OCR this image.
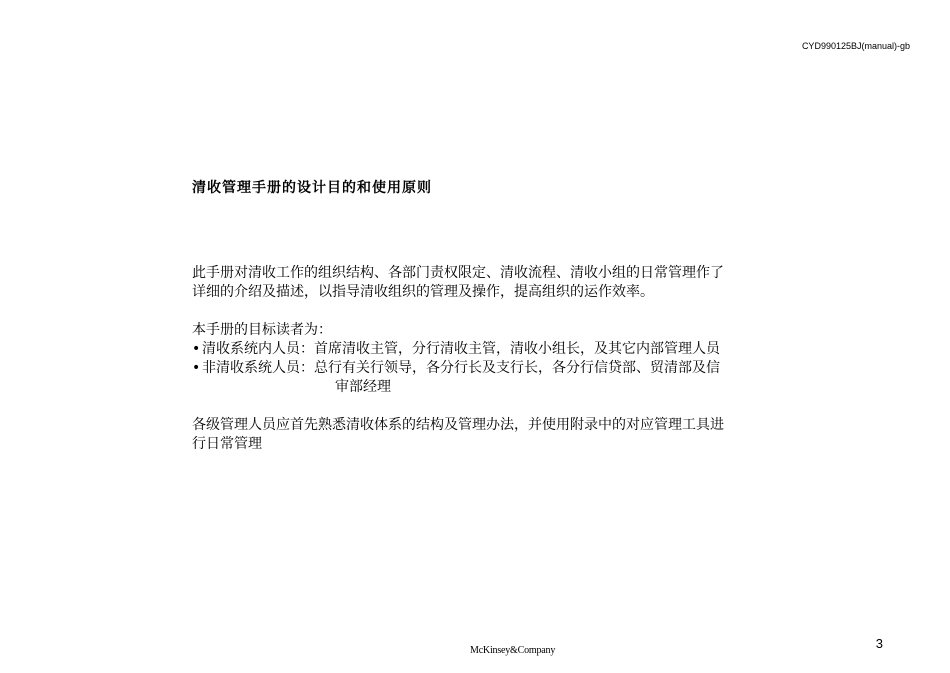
CYD990125BJ(manual)-gb
清收管理手册的设计目的和使用原则

此手册对清收工作的组织结构、各部门责权限定、清收流程、清收小组的日常管理作了

详细的介绍及描述，以指导清收组织的管理及操作，提高组织的运作效率。

本手册的目标读者为：

• 清收系统内人员： 首席清收主管，分行清收主管，清收小组长，及其它内部管理人员
• 非清收系统人员： 总行有关行领导，各分行长及支行长，各分行信贷部、贸清部及信

审部经理

各级管理人员应首先熟悉清收体系的结构及管理办法，并使用附录中的对应管理工具进

行日常管理

3
McKinsey&Company
